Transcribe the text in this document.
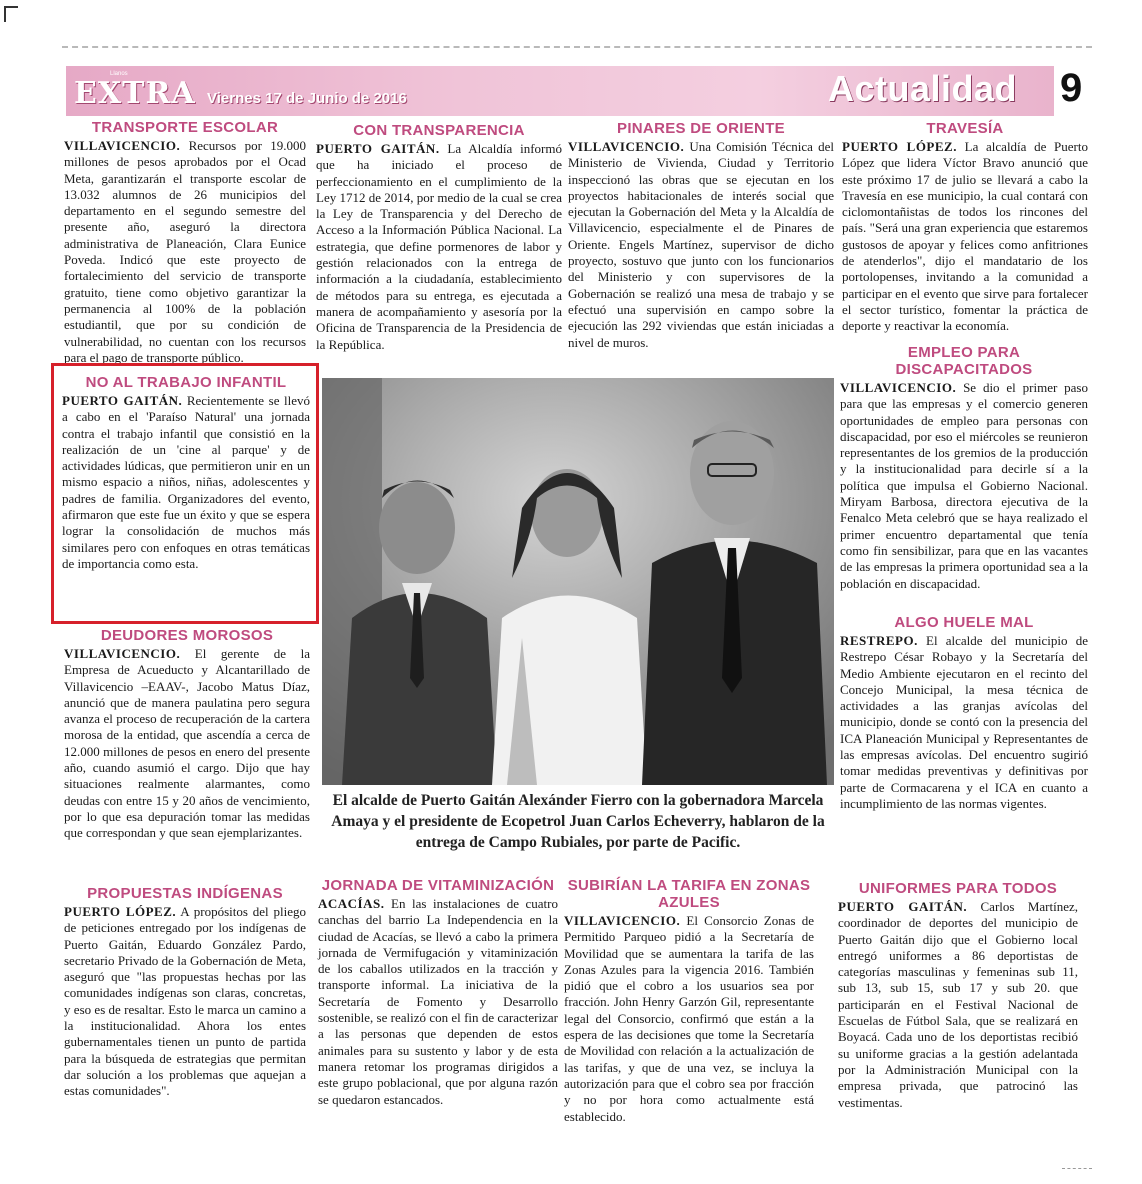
EXTRA
Llanos
Viernes 17 de Junio de 2016	Actualidad 9
TRANSPORTE ESCOLAR

VILLAVICENCIO. Recursos por 19.000 millones de pesos aprobados por el Ocad Meta, garantizarán el transporte escolar de 13.032 alumnos de 26 municipios del departamento en el segundo semestre del presente año, aseguró la directora administrativa de Planeación, Clara Eunice Poveda. Indicó que este proyecto de fortalecimiento del servicio de transporte gratuito, tiene como objetivo garantizar la permanencia al 100% de la población estudiantil, que por su condición de vulnerabilidad, no cuentan con los recursos para el pago de transporte público.

NO AL TRABAJO INFANTIL

PUERTO GAITÁN. Recientemente se llevó a cabo en el 'Paraíso Natural' una jornada contra el trabajo infantil que consistió en la realización de un 'cine al parque' y de actividades lúdicas, que permitieron unir en un mismo espacio a niños, niñas, adolescentes y padres de familia. Organizadores del evento, afirmaron que este fue un éxito y que se espera lograr la consolidación de muchos más similares pero con enfoques en otras temáticas de importancia como esta.

DEUDORES MOROSOS

VILLAVICENCIO. El gerente de la Empresa de Acueducto y Alcantarillado de Villavicencio –EAAV-, Jacobo Matus Díaz, anunció que de manera paulatina pero segura avanza el proceso de recuperación de la cartera morosa de la entidad, que ascendía a cerca de 12.000 millones de pesos en enero del presente año, cuando asumió el cargo. Dijo que hay situaciones realmente alarmantes, como deudas con entre 15 y 20 años de vencimiento, por lo que esa depuración tomar las medidas que correspondan y que sean ejemplarizantes.

PROPUESTAS INDÍGENAS

PUERTO LÓPEZ. A propósitos del pliego de peticiones entregado por los indígenas de Puerto Gaitán, Eduardo González Pardo, secretario Privado de la Gobernación de Meta, aseguró que "las propuestas hechas por las comunidades indígenas son claras, concretas, y eso es de resaltar. Esto le marca un camino a la institucionalidad. Ahora los entes gubernamentales tienen un punto de partida para la búsqueda de estrategias que permitan dar solución a los problemas que aquejan a estas comunidades".

CON TRANSPARENCIA

PUERTO GAITÁN. La Alcaldía informó que ha iniciado el proceso de perfeccionamiento en el cumplimiento de la Ley 1712 de 2014, por medio de la cual se crea la Ley de Transparencia y del Derecho de Acceso a la Información Pública Nacional. La estrategia, que define pormenores de labor y gestión relacionados con la entrega de información a la ciudadanía, establecimiento de métodos para su entrega, es ejecutada a manera de acompañamiento y asesoría por la Oficina de Transparencia de la Presidencia de la República.

PINARES DE ORIENTE

VILLAVICENCIO. Una Comisión Técnica del Ministerio de Vivienda, Ciudad y Territorio inspeccionó las obras que se ejecutan en los proyectos habitacionales de interés social que ejecutan la Gobernación del Meta y la Alcaldía de Villavicencio, especialmente el de Pinares de Oriente. Engels Martínez, supervisor de dicho proyecto, sostuvo que junto con los funcionarios del Ministerio y con supervisores de la Gobernación se realizó una mesa de trabajo y se efectuó una supervisión en campo sobre la ejecución las 292 viviendas que están iniciadas a nivel de muros.

TRAVESÍA

PUERTO LÓPEZ. La alcaldía de Puerto López que lidera Víctor Bravo anunció que este próximo 17 de julio se llevará a cabo la Travesía en ese municipio, la cual contará con ciclomontañistas de todos los rincones del país. "Será una gran experiencia que estaremos gustosos de apoyar y felices como anfitriones de atenderlos", dijo el mandatario de los portolopenses, invitando a la comunidad a participar en el evento que sirve para fortalecer el sector turístico, fomentar la práctica de deporte y reactivar la economía.

EMPLEO PARA DISCAPACITADOS

VILLAVICENCIO. Se dio el primer paso para que las empresas y el comercio generen oportunidades de empleo para personas con discapacidad, por eso el miércoles se reunieron representantes de los gremios de la producción y la institucionalidad para decirle sí a la política que impulsa el Gobierno Nacional. Miryam Barbosa, directora ejecutiva de la Fenalco Meta celebró que se haya realizado el primer encuentro departamental que tenía como fin sensibilizar, para que en las vacantes de las empresas la primera oportunidad sea a la población en discapacidad.

ALGO HUELE MAL

RESTREPO. El alcalde del municipio de Restrepo César Robayo y la Secretaría del Medio Ambiente ejecutaron en el recinto del Concejo Municipal, la mesa técnica de actividades a las granjas avícolas del municipio, donde se contó con la presencia del ICA Planeación Municipal y Representantes de las empresas avícolas. Del encuentro sugirió tomar medidas preventivas y definitivas por parte de Cormacarena y el ICA en cuanto a incumplimiento de las normas vigentes.

El alcalde de Puerto Gaitán Alexánder Fierro con la gobernadora Marcela Amaya y el presidente de Ecopetrol Juan Carlos Echeverry, hablaron de la entrega de Campo Rubiales, por parte de Pacific.
JORNADA DE VITAMINIZACIÓN

ACACÍAS. En las instalaciones de cuatro canchas del barrio La Independencia en la ciudad de Acacías, se llevó a cabo la primera jornada de Vermifugación y vitaminización de los caballos utilizados en la tracción y transporte informal. La iniciativa de la Secretaría de Fomento y Desarrollo sostenible, se realizó con el fin de caracterizar a las personas que dependen de estos animales para su sustento y labor y de esta manera retomar los programas dirigidos a este grupo poblacional, que por alguna razón se quedaron estancados.

SUBIRÍAN LA TARIFA EN ZONAS AZULES

VILLAVICENCIO. El Consorcio Zonas de Permitido Parqueo pidió a la Secretaría de Movilidad que se aumentara la tarifa de las Zonas Azules para la vigencia 2016. También pidió que el cobro a los usuarios sea por fracción. John Henry Garzón Gil, representante legal del Consorcio, confirmó que están a la espera de las decisiones que tome la Secretaría de Movilidad con relación a la actualización de las tarifas, y que de una vez, se incluya la autorización para que el cobro sea por fracción y no por hora como actualmente está establecido.

UNIFORMES PARA TODOS

PUERTO GAITÁN. Carlos Martínez, coordinador de deportes del municipio de Puerto Gaitán dijo que el Gobierno local entregó uniformes a 86 deportistas de categorías masculinas y femeninas sub 11, sub 13, sub 15, sub 17 y sub 20. que participarán en el Festival Nacional de Escuelas de Fútbol Sala, que se realizará en Boyacá. Cada uno de los deportistas recibió su uniforme gracias a la gestión adelantada por la Administración Municipal con la empresa privada, que patrocinó las vestimentas.
